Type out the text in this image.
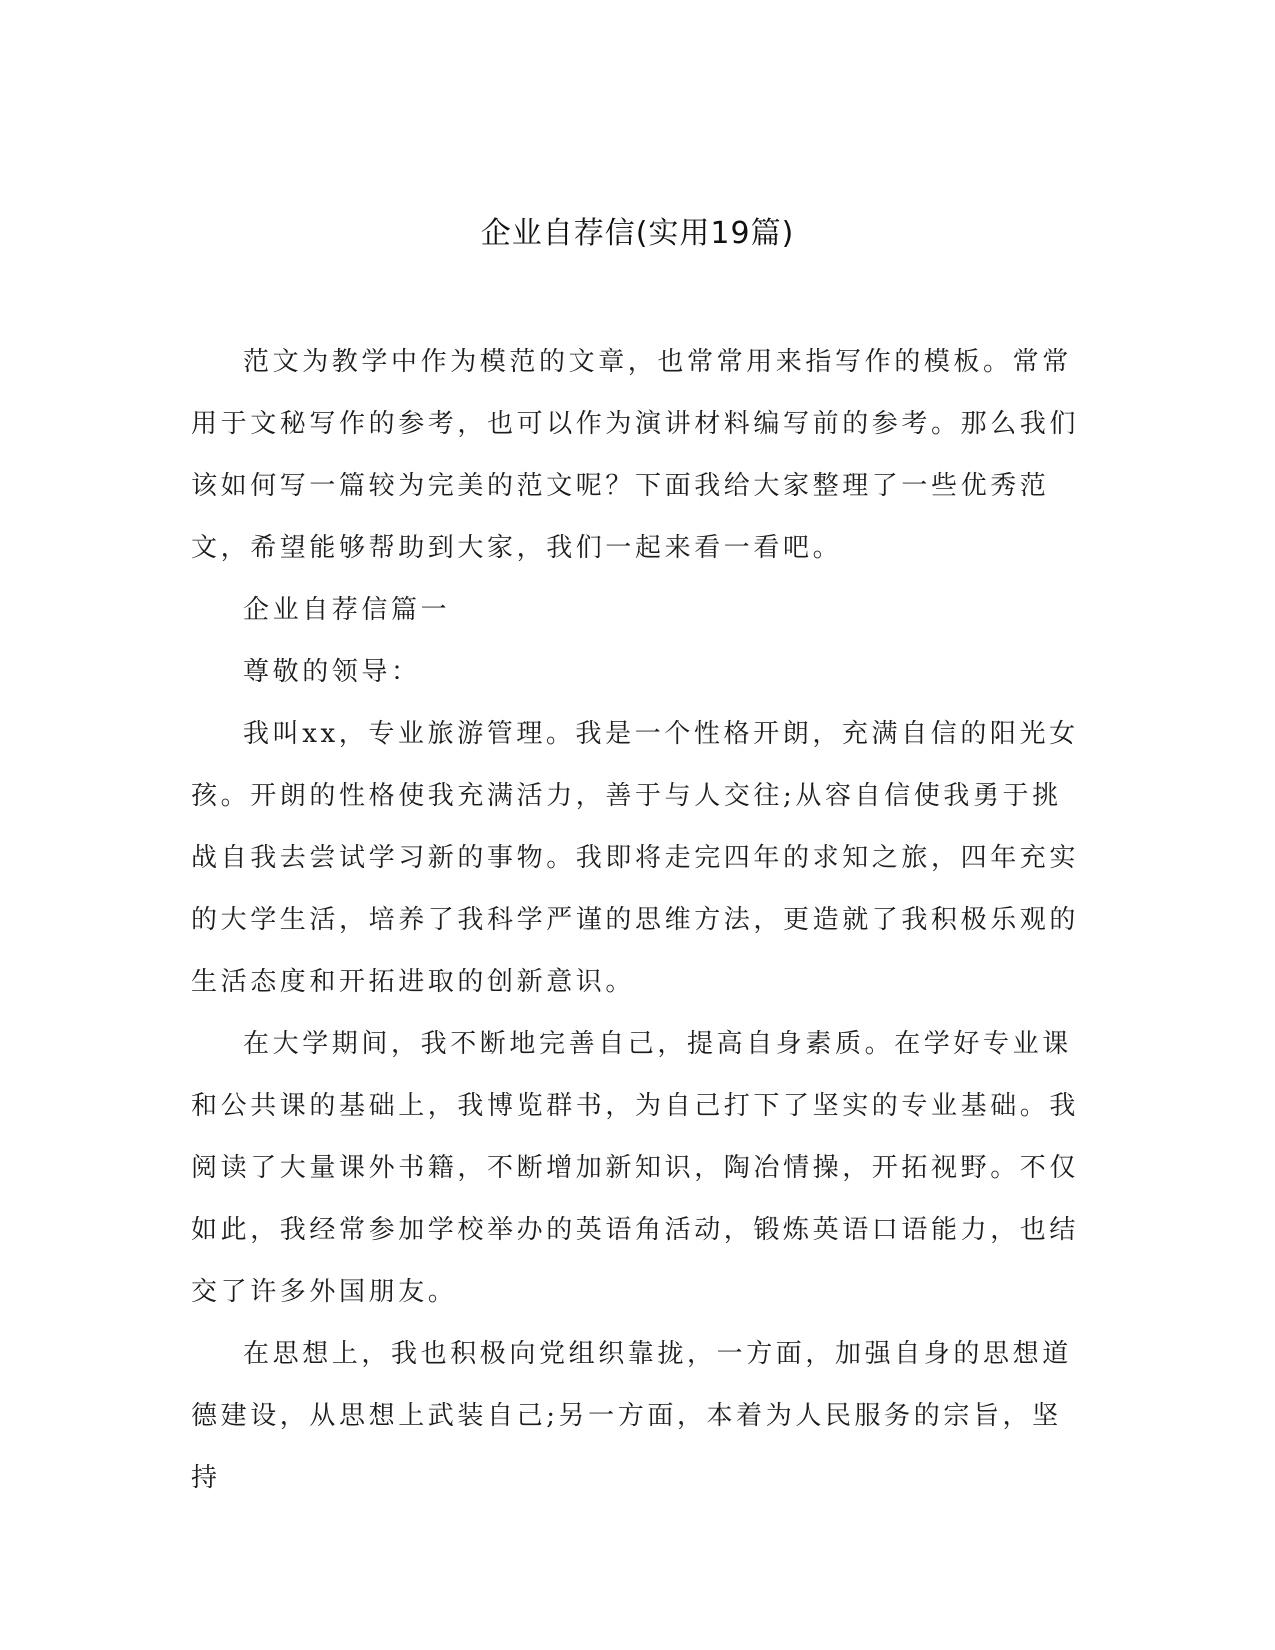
企业自荐信(实用19篇)

范文为教学中作为模范的文章，也常常用来指写作的模板。常常用于文秘写作的参考，也可以作为演讲材料编写前的参考。那么我们该如何写一篇较为完美的范文呢？下面我给大家整理了一些优秀范文，希望能够帮助到大家，我们一起来看一看吧。

企业自荐信篇一

尊敬的领导：

我叫xx，专业旅游管理。我是一个性格开朗，充满自信的阳光女孩。开朗的性格使我充满活力，善于与人交往;从容自信使我勇于挑战自我去尝试学习新的事物。我即将走完四年的求知之旅，四年充实的大学生活，培养了我科学严谨的思维方法，更造就了我积极乐观的生活态度和开拓进取的创新意识。

在大学期间，我不断地完善自己，提高自身素质。在学好专业课和公共课的基础上，我博览群书，为自己打下了坚实的专业基础。我阅读了大量课外书籍，不断增加新知识，陶冶情操，开拓视野。不仅如此，我经常参加学校举办的英语角活动，锻炼英语口语能力，也结交了许多外国朋友。

在思想上，我也积极向党组织靠拢，一方面，加强自身的思想道德建设，从思想上武装自己;另一方面，本着为人民服务的宗旨，坚持
